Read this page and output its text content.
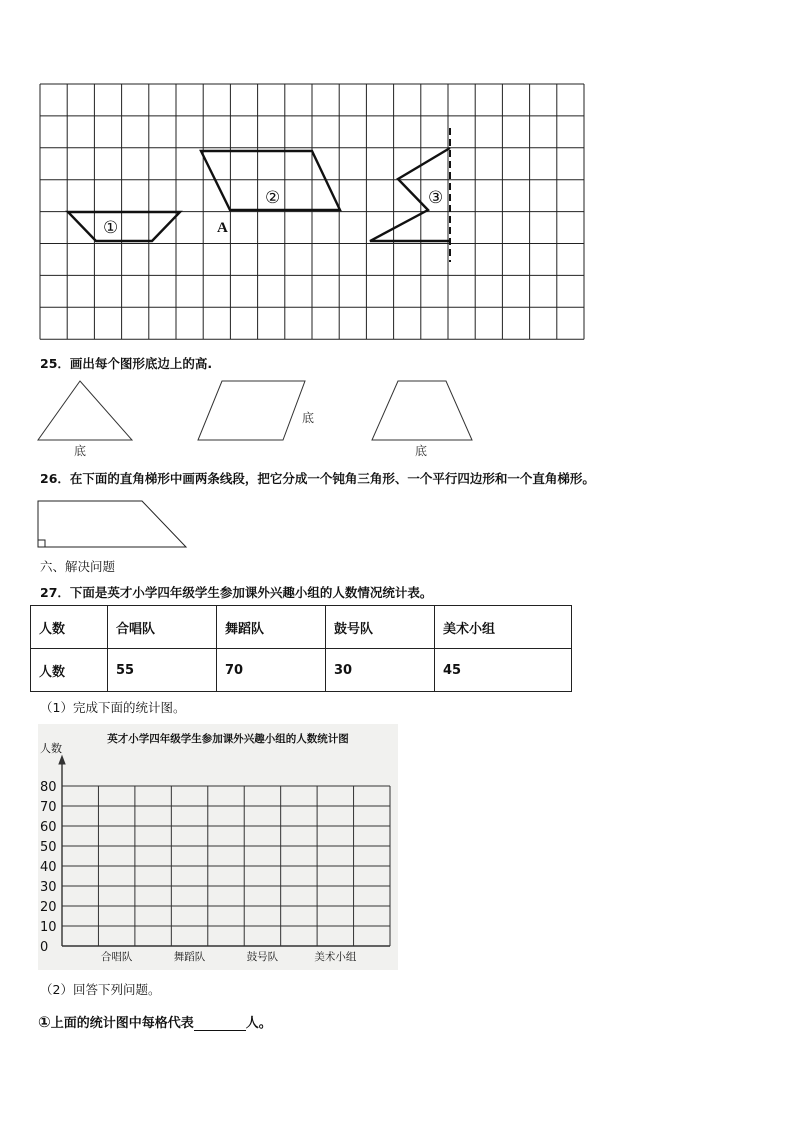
①
②	③
A
25．画出每个图形底边上的高.
底
底
底
26．在下面的直角梯形中画两条线段，把它分成一个钝角三角形、一个平行四边形和一个直角梯形。
六、解决问题
27．下面是英才小学四年级学生参加课外兴趣小组的人数情况统计表。
人数	合唱队	舞蹈队	鼓号队	美术小组
人数	55	70	30	45
（1）完成下面的统计图。
英才小学四年级学生参加课外兴趣小组的人数统计图
人数
0
10
20
30
40
50
60
70
80
合唱队	舞蹈队	鼓号队	美术小组
（2）回答下列问题。
①上面的统计图中每格代表	人。
